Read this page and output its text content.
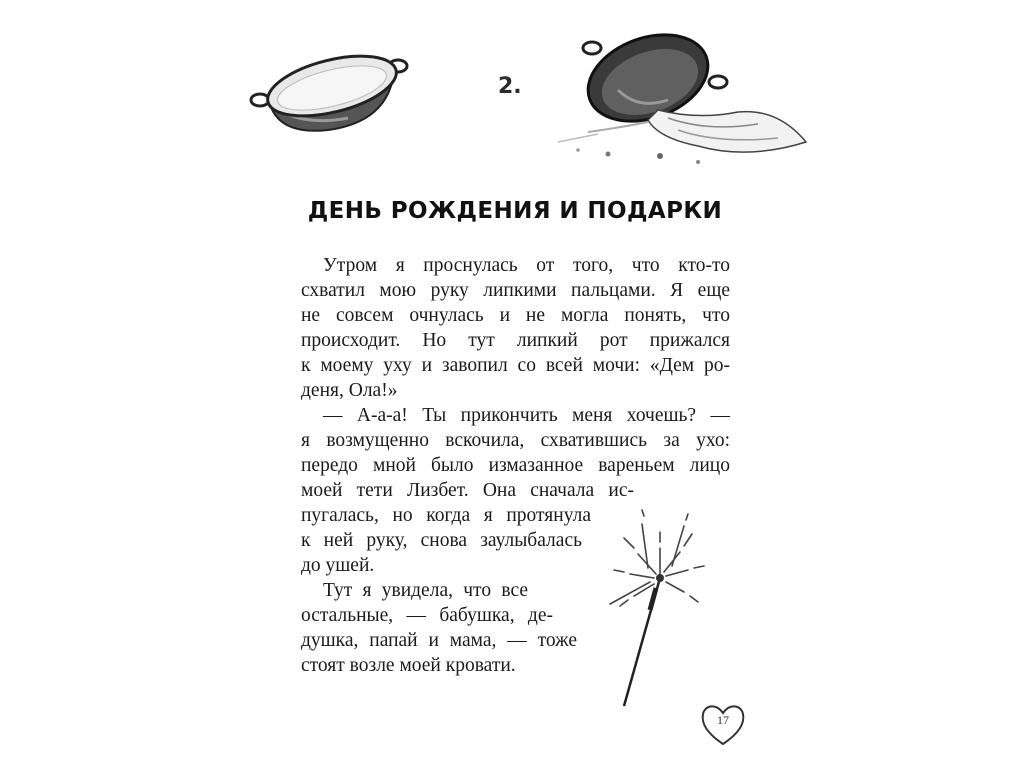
2.
ДЕНЬ РОЖДЕНИЯ И ПОДАРКИ
Утром я проснулась от того, что кто-то
схватил мою руку липкими пальцами. Я еще
не совсем очнулась и не могла понять, что
происходит. Но тут липкий рот прижался
к моему уху и завопил со всей мочи: «Дем ро-
деня, Ола!»
— А-а-а! Ты прикончить меня хочешь? —
я возмущенно вскочила, схватившись за ухо:
передо мной было измазанное вареньем лицо
моей тети Лизбет. Она сначала ис-
пугалась, но когда я протянула
к ней руку, снова заулыбалась
до ушей.
Тут я увидела, что все
остальные, — бабушка, де-
душка, папай и мама, — тоже
стоят возле моей кровати.
17
